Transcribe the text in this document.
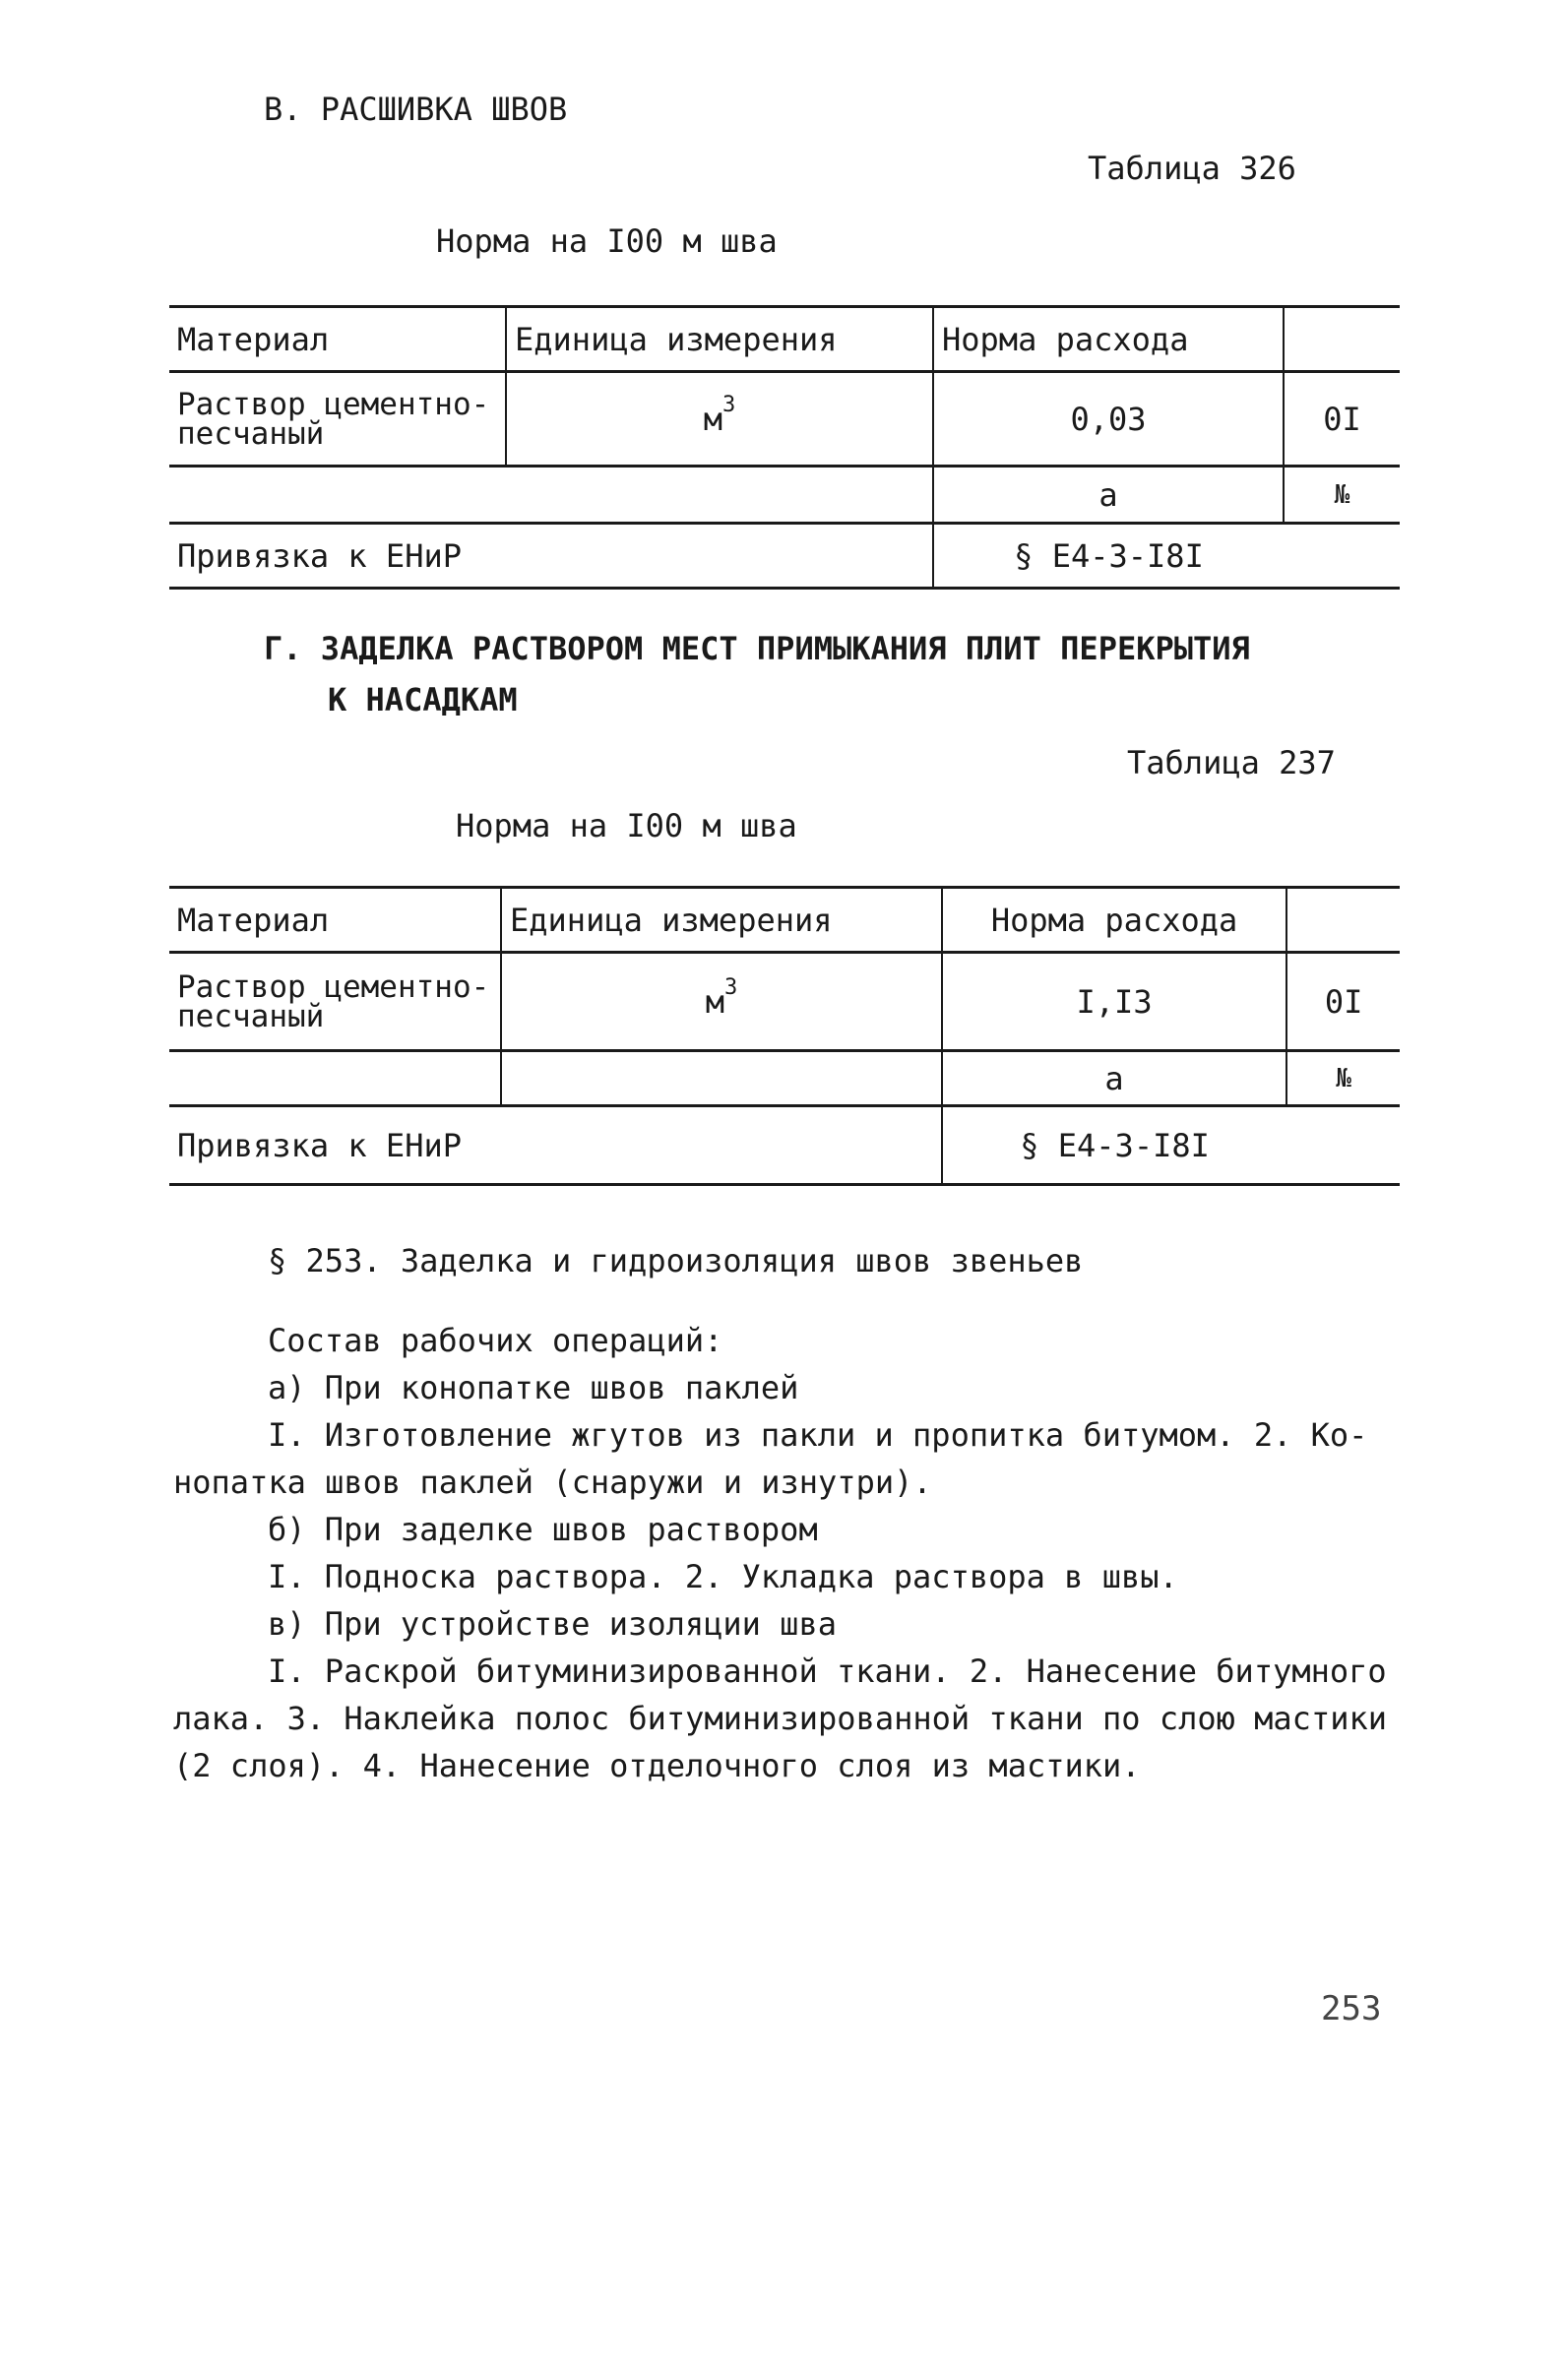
В. РАСШИВКА ШВОВ
Таблица 326
Норма на I00 м шва
Материал	Единица измерения	Норма расхода	
Раствор цементно-песчаный	$м^3$	0,03	0I
		а	№
Привязка к ЕНиР		§ Е4-3-I8I	
Г. ЗАДЕЛКА РАСТВОРОМ МЕСТ ПРИМЫКАНИЯ ПЛИТ ПЕРЕКРЫТИЯ
К НАСАДКАМ
Таблица 237
Норма на I00 м шва
Материал	Единица измерения	Норма расхода	
Раствор цементно-песчаный	$м^3$	I,I3	0I
		а	№
Привязка к ЕНиР		§ Е4-3-I8I	
§ 253. Заделка и гидроизоляция швов звеньев
Состав рабочих операций:
а) При конопатке швов паклей
I. Изготовление жгутов из пакли и пропитка битумом. 2. Ко-
нопатка швов паклей (снаружи и изнутри).
б) При заделке швов раствором
I. Подноска раствора. 2. Укладка раствора в швы.
в) При устройстве изоляции шва
I. Раскрой битуминизированной ткани. 2. Нанесение битумного
лака. 3. Наклейка полос битуминизированной ткани по слою мастики
(2 слоя). 4. Нанесение отделочного слоя из мастики.
253
